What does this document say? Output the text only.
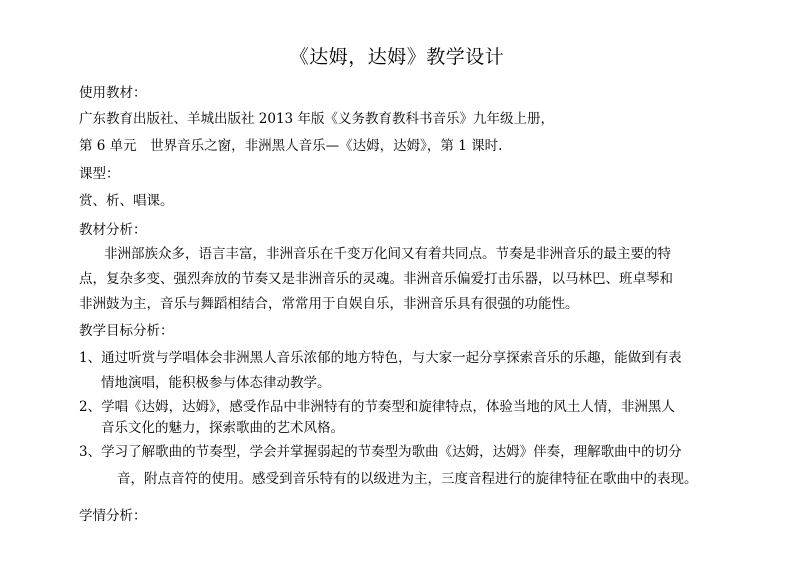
《达姆，达姆》教学设计
使用教材：
广东教育出版社、羊城出版社 2013 年版《义务教育教科书音乐》九年级上册，
第 6 单元　世界音乐之窗，非洲黑人音乐—《达姆，达姆》，第 1 课时.
课型：
赏、析、唱课。
教材分析：
非洲部族众多，语言丰富，非洲音乐在千变万化间又有着共同点。节奏是非洲音乐的最主要的特
点，复杂多变、强烈奔放的节奏又是非洲音乐的灵魂。非洲音乐偏爱打击乐器，以马林巴、班卓琴和
非洲鼓为主，音乐与舞蹈相结合，常常用于自娱自乐，非洲音乐具有很强的功能性。
教学目标分析：
1、通过听赏与学唱体会非洲黑人音乐浓郁的地方特色，与大家一起分享探索音乐的乐趣，能做到有表
情地演唱，能积极参与体态律动教学。
2、学唱《达姆，达姆》，感受作品中非洲特有的节奏型和旋律特点，体验当地的风土人情，非洲黑人
音乐文化的魅力，探索歌曲的艺术风格。
3、学习了解歌曲的节奏型，学会并掌握弱起的节奏型为歌曲《达姆，达姆》伴奏，理解歌曲中的切分
音，附点音符的使用。感受到音乐特有的以级进为主，三度音程进行的旋律特征在歌曲中的表现。
学情分析：
